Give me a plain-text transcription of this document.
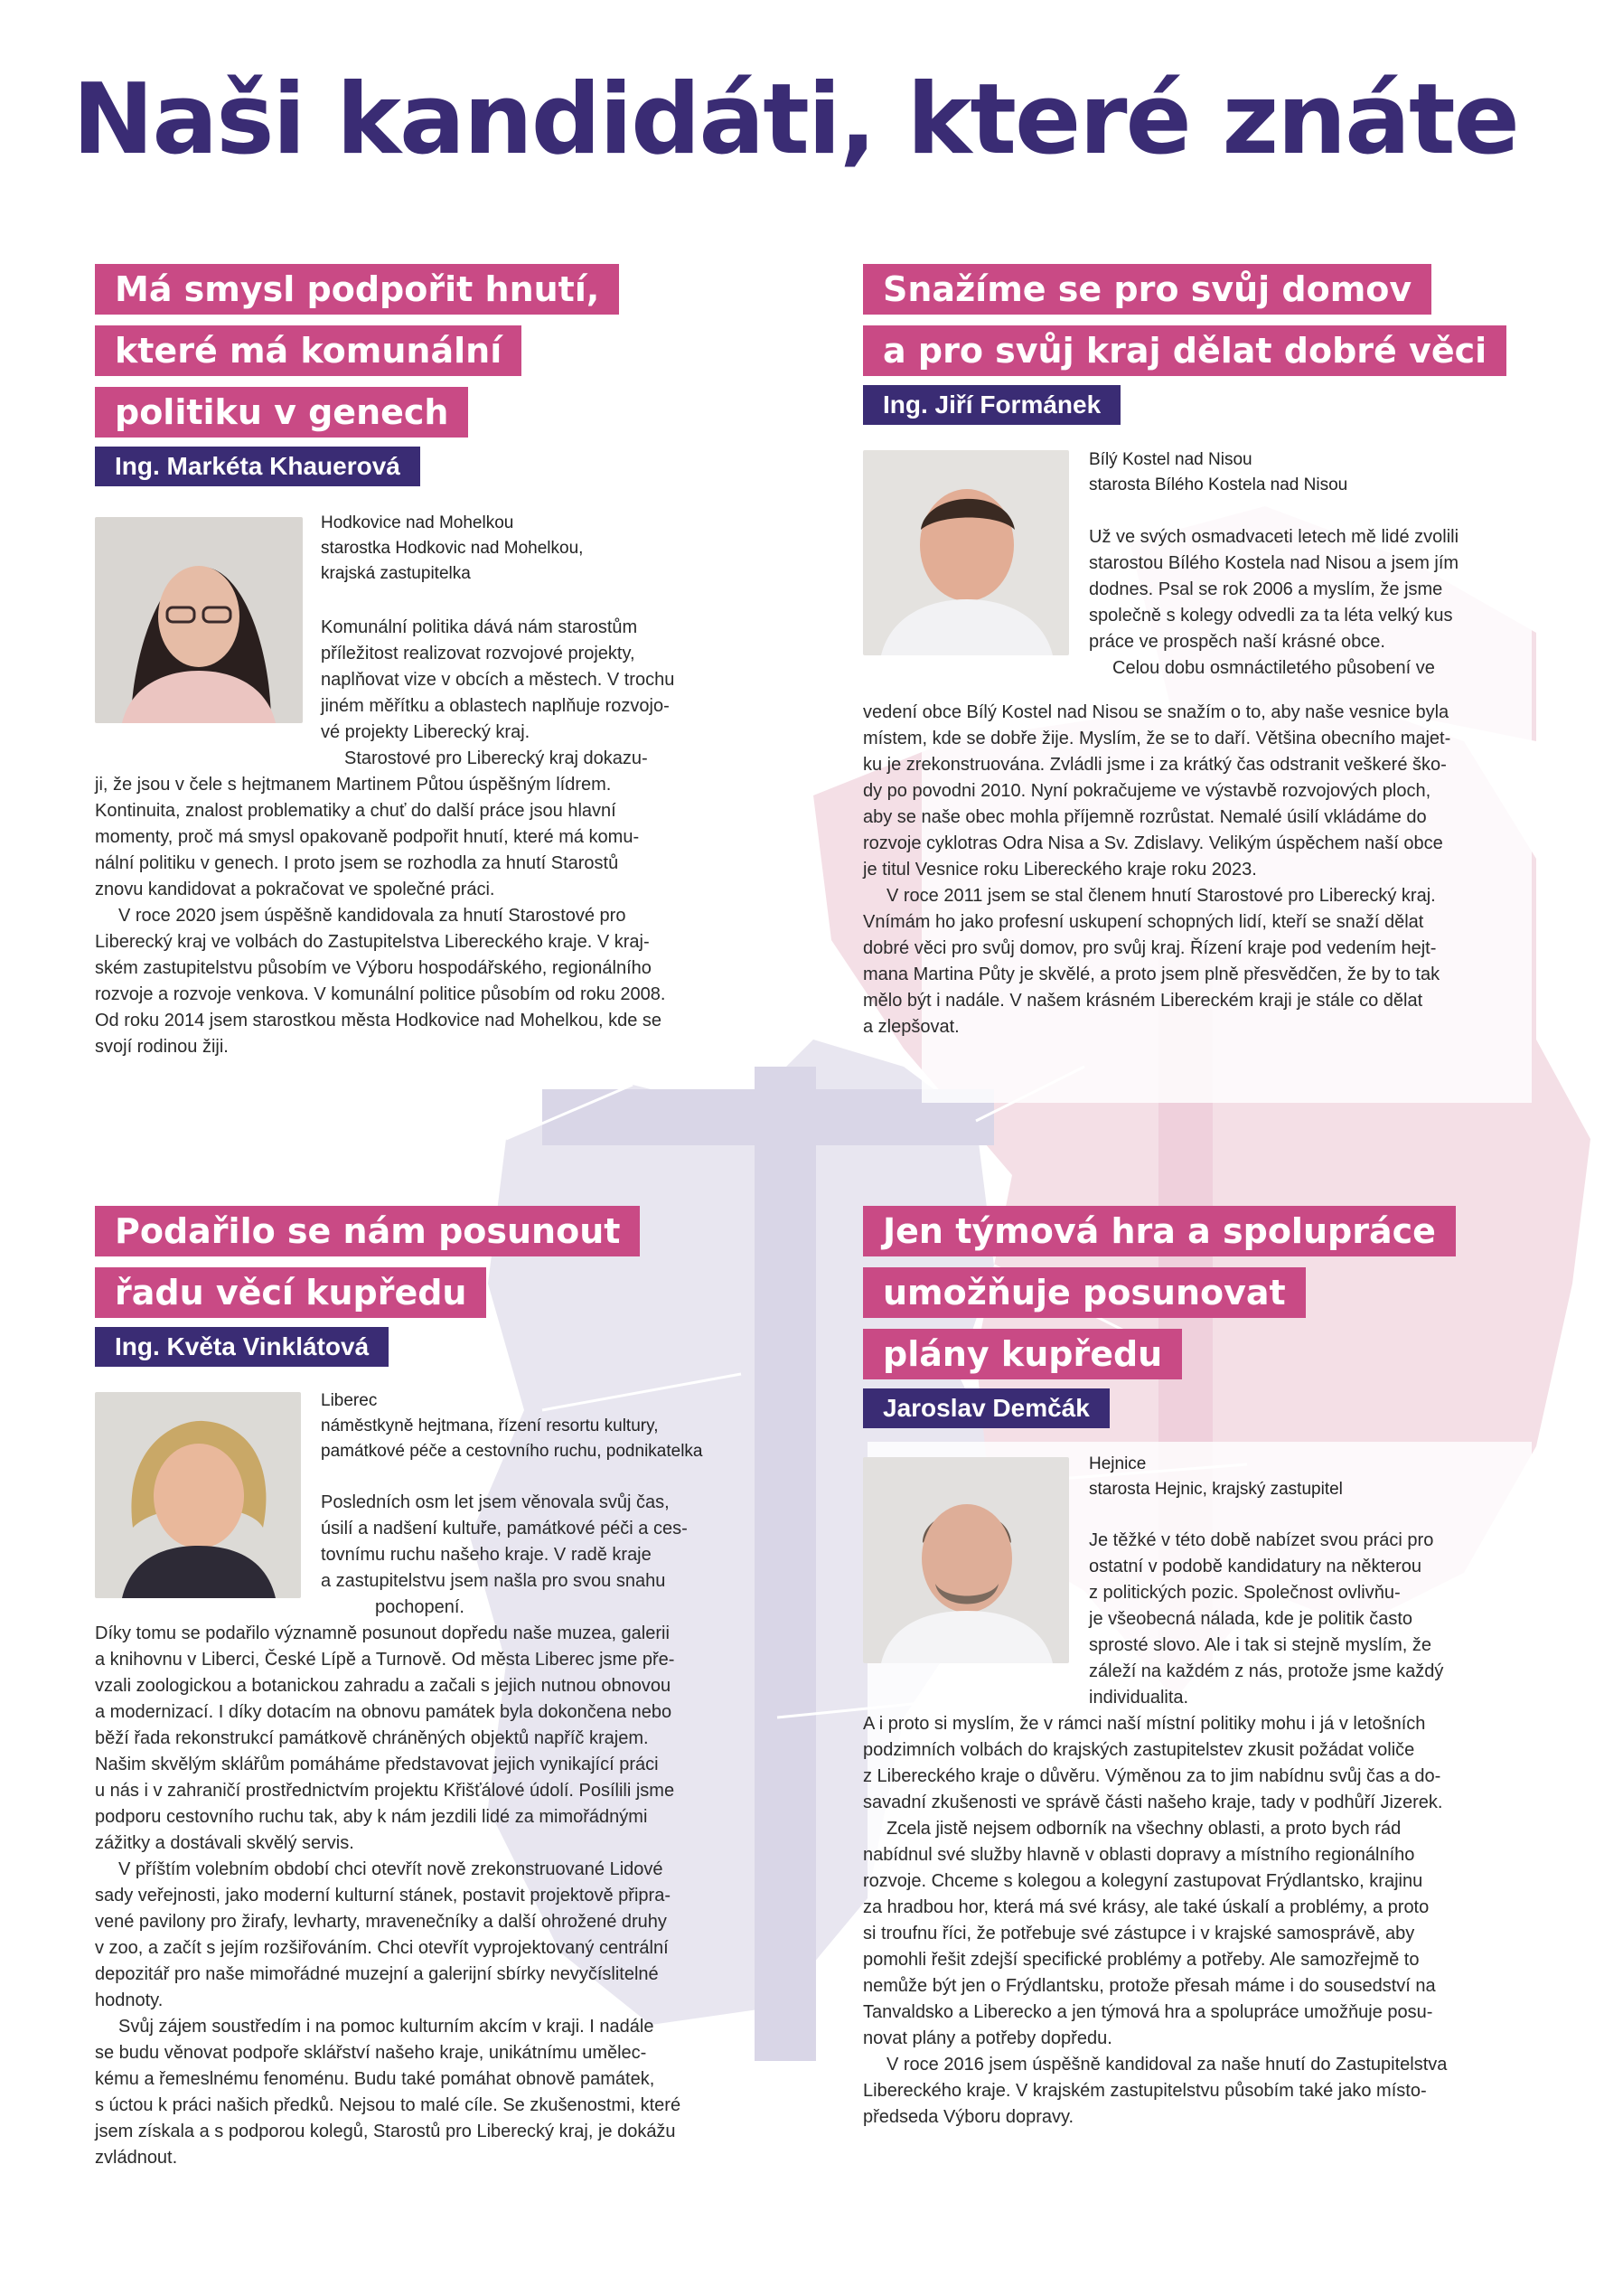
Naši kandidáti, které znáte
Má smysl podpořit hnutí,
které má komunální
politiku v genech
Ing. Markéta Khauerová
Hodkovice nad Mohelkou
starostka Hodkovic nad Mohelkou,
krajská zastupitelka
Komunální politika dává nám starostům
příležitost realizovat rozvojové projekty,
naplňovat vize v obcích a městech. V trochu
jiném měřítku a oblastech naplňuje rozvojo-
vé projekty Liberecký kraj.
Starostové pro Liberecký kraj dokazu-

ji, že jsou v čele s hejtmanem Martinem Půtou úspěšným lídrem.

Kontinuita, znalost problematiky a chuť do další práce jsou hlavní

momenty, proč má smysl opakovaně podpořit hnutí, které má komu-

nální politiku v genech. I proto jsem se rozhodla za hnutí Starostů

znovu kandidovat a pokračovat ve společné práci.

V roce 2020 jsem úspěšně kandidovala za hnutí Starostové pro

Liberecký kraj ve volbách do Zastupitelstva Libereckého kraje. V kraj-

ském zastupitelstvu působím ve Výboru hospodářského, regionálního

rozvoje a rozvoje venkova. V komunální politice působím od roku 2008.

Od roku 2014 jsem starostkou města Hodkovice nad Mohelkou, kde se

svojí rodinou žiji.

Snažíme se pro svůj domov
a pro svůj kraj dělat dobré věci
Ing. Jiří Formánek
Bílý Kostel nad Nisou
starosta Bílého Kostela nad Nisou
Už ve svých osmadvaceti letech mě lidé zvolili
starostou Bílého Kostela nad Nisou a jsem jím
dodnes. Psal se rok 2006 a myslím, že jsme
společně s kolegy odvedli za ta léta velký kus
práce ve prospěch naší krásné obce.
Celou dobu osmnáctiletého působení ve

vedení obce Bílý Kostel nad Nisou se snažím o to, aby naše vesnice byla

místem, kde se dobře žije. Myslím, že se to daří. Většina obecního majet-

ku je zrekonstruována. Zvládli jsme i za krátký čas odstranit veškeré ško-

dy po povodni 2010. Nyní pokračujeme ve výstavbě rozvojových ploch,

aby se naše obec mohla příjemně rozrůstat. Nemalé úsilí vkládáme do

rozvoje cyklotras Odra Nisa a Sv. Zdislavy. Velikým úspěchem naší obce

je titul Vesnice roku Libereckého kraje roku 2023.

V roce 2011 jsem se stal členem hnutí Starostové pro Liberecký kraj.

Vnímám ho jako profesní uskupení schopných lidí, kteří se snaží dělat

dobré věci pro svůj domov, pro svůj kraj. Řízení kraje pod vedením hejt-

mana Martina Půty je skvělé, a proto jsem plně přesvědčen, že by to tak

mělo být i nadále. V našem krásném Libereckém kraji je stále co dělat

a zlepšovat.

Podařilo se nám posunout
řadu věcí kupředu
Ing. Květa Vinklátová
Liberec
náměstkyně hejtmana, řízení resortu kultury,
památkové péče a cestovního ruchu, podnikatelka
Posledních osm let jsem věnovala svůj čas,
úsilí a nadšení kultuře, památkové péči a ces-
tovnímu ruchu našeho kraje. V radě kraje
a zastupitelstvu jsem našla pro svou snahu
pochopení.

Díky tomu se podařilo významně posunout dopředu naše muzea, galerii

a knihovnu v Liberci, České Lípě a Turnově. Od města Liberec jsme pře-

vzali zoologickou a botanickou zahradu a začali s jejich nutnou obnovou

a modernizací. I díky dotacím na obnovu památek byla dokončena nebo

běží řada rekonstrukcí památkově chráněných objektů napříč krajem.

Našim skvělým sklářům pomáháme představovat jejich vynikající práci

u nás i v zahraničí prostřednictvím projektu Křišťálové údolí. Posílili jsme

podporu cestovního ruchu tak, aby k nám jezdili lidé za mimořádnými

zážitky a dostávali skvělý servis.

V příštím volebním období chci otevřít nově zrekonstruované Lidové

sady veřejnosti, jako moderní kulturní stánek, postavit projektově připra-

vené pavilony pro žirafy, levharty, mravenečníky a další ohrožené druhy

v zoo, a začít s jejím rozšiřováním. Chci otevřít vyprojektovaný centrální

depozitář pro naše mimořádné muzejní a galerijní sbírky nevyčíslitelné

hodnoty.

Svůj zájem soustředím i na pomoc kulturním akcím v kraji. I nadále

se budu věnovat podpoře sklářství našeho kraje, unikátnímu umělec-

kému a řemeslnému fenoménu. Budu také pomáhat obnově památek,

s úctou k práci našich předků. Nejsou to malé cíle. Se zkušenostmi, které

jsem získala a s podporou kolegů, Starostů pro Liberecký kraj, je dokážu

zvládnout.

Jen týmová hra a spolupráce
umožňuje posunovat
plány kupředu
Jaroslav Demčák
Hejnice
starosta Hejnic, krajský zastupitel
Je těžké v této době nabízet svou práci pro
ostatní v podobě kandidatury na některou
z politických pozic. Společnost ovlivňu-
je všeobecná nálada, kde je politik často
sprosté slovo. Ale i tak si stejně myslím, že
záleží na každém z nás, protože jsme každý
individualita.

A i proto si myslím, že v rámci naší místní politiky mohu i já v letošních

podzimních volbách do krajských zastupitelstev zkusit požádat voliče

z Libereckého kraje o důvěru. Výměnou za to jim nabídnu svůj čas a do-

savadní zkušenosti ve správě části našeho kraje, tady v podhůří Jizerek.

Zcela jistě nejsem odborník na všechny oblasti, a proto bych rád

nabídnul své služby hlavně v oblasti dopravy a místního regionálního

rozvoje. Chceme s kolegou a kolegyní zastupovat Frýdlantsko, krajinu

za hradbou hor, která má své krásy, ale také úskalí a problémy, a proto

si troufnu říci, že potřebuje své zástupce i v krajské samosprávě, aby

pomohli řešit zdejší specifické problémy a potřeby. Ale samozřejmě to

nemůže být jen o Frýdlantsku, protože přesah máme i do sousedství na

Tanvaldsko a Liberecko a jen týmová hra a spolupráce umožňuje posu-

novat plány a potřeby dopředu.

V roce 2016 jsem úspěšně kandidoval za naše hnutí do Zastupitelstva

Libereckého kraje. V krajském zastupitelstvu působím také jako místo-

předseda Výboru dopravy.
